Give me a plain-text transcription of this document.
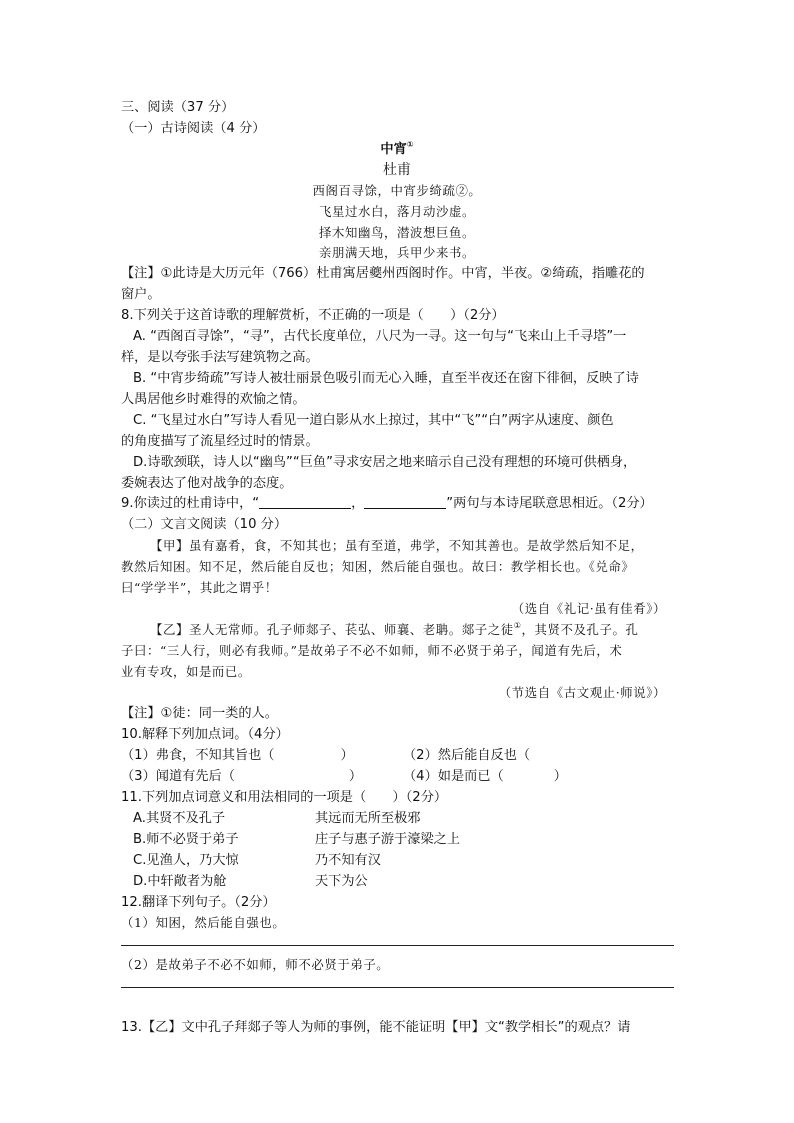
三、阅读（37 分）
（一）古诗阅读（4 分）
中宵①
杜甫
西阁百寻馀，中宵步绮疏②。
飞星过水白，落月动沙虚。
择木知幽鸟，潜波想巨鱼。
亲朋满天地，兵甲少来书。
【注】①此诗是大历元年（766）杜甫寓居夔州西阁时作。中宵，半夜。②绮疏，指雕花的
窗户。
8.下列关于这首诗歌的理解赏析，不正确的一项是（　　）（2分）
A. “西阁百寻馀”，“寻”，古代长度单位，八尺为一寻。这一句与“飞来山上千寻塔”一
样，是以夸张手法写建筑物之高。
B. “中宵步绮疏”写诗人被壮丽景色吸引而无心入睡，直至半夜还在窗下徘徊，反映了诗
人禺居他乡时难得的欢愉之情。
C. “飞星过水白”写诗人看见一道白影从水上掠过，其中“飞”“白”两字从速度、颜色
的角度描写了流星经过时的情景。
D.诗歌颈联，诗人以“幽鸟”“巨鱼”寻求安居之地来暗示自己没有理想的环境可供栖身，
委婉表达了他对战争的态度。
9.你读过的杜甫诗中，“	，	”两句与本诗尾联意思相近。（2分）
（二）文言文阅读（10 分）
【甲】虽有嘉肴，食，不知其也；虽有至道，弗学，不知其善也。是故学然后知不足，
教然后知困。知不足，然后能自反也；知困，然后能自强也。故曰：教学相长也。《兑命》
曰“学学半”，其此之谓乎！
（选自《礼记·虽有佳肴》）
【乙】圣人无常师。孔子师郯子、苌弘、师襄、老聃。郯子之徒①，其贤不及孔子。孔
子曰：“三人行，则必有我师。”是故弟子不必不如师，师不必贤于弟子，闻道有先后，术
业有专攻，如是而已。
（节选自《古文观止·师说》）
【注】①徒：同一类的人。
10.解释下列加点词。（4分）
（1）弗食，不知其旨也（	）	（2）然后能自反也（
（3）闻道有先后（	）	（4）如是而已（	）
11.下列加点词意义和用法相同的一项是（　　）（2分）
A.其贤不及孔子	其远而无所至极邪
B.师不必贤于弟子	庄子与惠子游于濠梁之上
C.见渔人，乃大惊	乃不知有汉
D.中轩敞者为舱	天下为公
12.翻译下列句子。（2分）
（1）知困，然后能自强也。
（2）是故弟子不必不如师，师不必贤于弟子。
13.【乙】文中孔子拜郯子等人为师的事例，能不能证明【甲】文“教学相长”的观点？请
